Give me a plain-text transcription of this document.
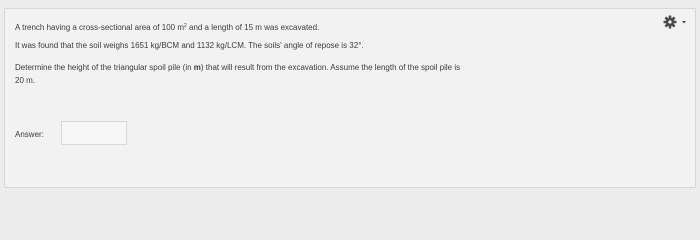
A trench having a cross-sectional area of 100 $m^2$ and a length of 15 m was excavated.
It was found that the soil weighs 1651 kg/BCM and 1132 kg/LCM. The soils' angle of repose is 32°.
Determine the height of the triangular spoil pile (in m) that will result from the excavation. Assume the length of the spoil pile is
20 m.
Answer:
